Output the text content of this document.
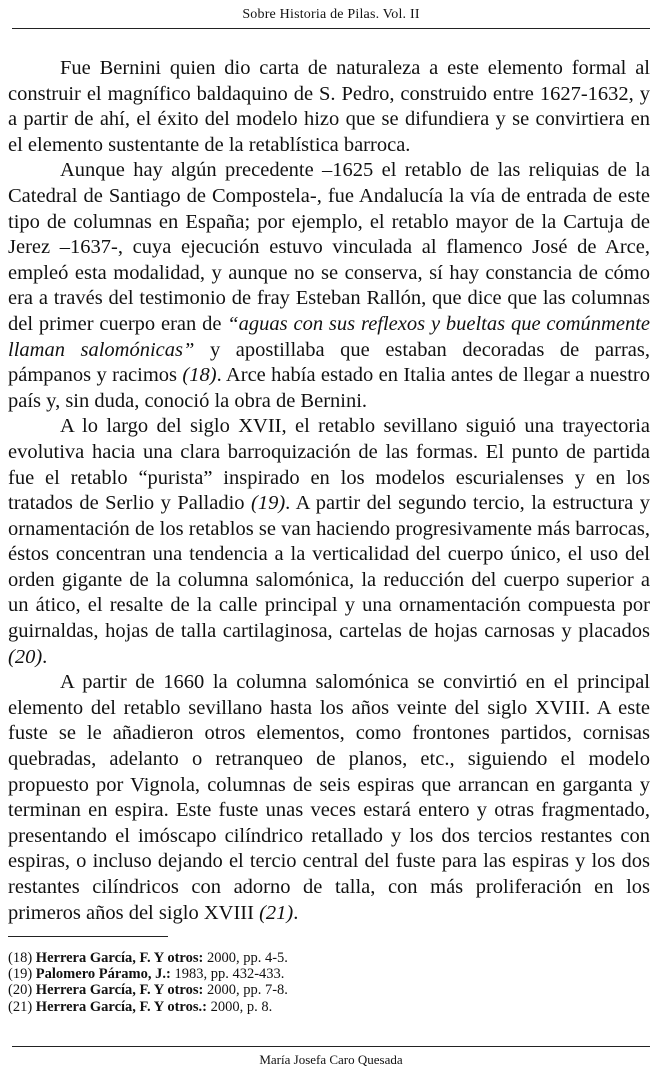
Sobre Historia de Pilas. Vol. II

Fue Bernini quien dio carta de naturaleza a este elemento formal al construir el magnífico baldaquino de S. Pedro, construido entre 1627-1632, y a partir de ahí, el éxito del modelo hizo que se difundiera y se convirtiera en el elemento sustentante de la retablística barroca.

Aunque hay algún precedente –1625 el retablo de las reliquias de la Catedral de Santiago de Compostela-, fue Andalucía la vía de entrada de este tipo de columnas en España; por ejemplo, el retablo mayor de la Cartuja de Jerez –1637-, cuya ejecución estuvo vinculada al flamenco José de Arce, empleó esta modalidad, y aunque no se conserva, sí hay constancia de cómo era a través del testimonio de fray Esteban Rallón, que dice que las columnas del primer cuerpo eran de “aguas con sus reflexos y bueltas que comúnmente llaman salomónicas” y apostillaba que estaban decoradas de parras, pámpanos y racimos (18). Arce había estado en Italia antes de llegar a nuestro país y, sin duda, conoció la obra de Bernini.

A lo largo del siglo XVII, el retablo sevillano siguió una trayectoria evolutiva hacia una clara barroquización de las formas. El punto de partida fue el retablo “purista” inspirado en los modelos escurialenses y en los tratados de Serlio y Palladio (19). A partir del segundo tercio, la estructura y ornamentación de los retablos se van haciendo progresivamente más barrocas, éstos concentran una tendencia a la verticalidad del cuerpo único, el uso del orden gigante de la columna salomónica, la reducción del cuerpo superior a un ático, el resalte de la calle principal y una ornamentación compuesta por guirnaldas, hojas de talla cartilaginosa, cartelas de hojas carnosas y placados (20).

A partir de 1660 la columna salomónica se convirtió en el principal elemento del retablo sevillano hasta los años veinte del siglo XVIII. A este fuste se le añadieron otros elementos, como frontones partidos, cornisas quebradas, adelanto o retranqueo de planos, etc., siguiendo el modelo propuesto por Vignola, columnas de seis espiras que arrancan en garganta y terminan en espira. Este fuste unas veces estará entero y otras fragmentado, presentando el imóscapo cilíndrico retallado y los dos tercios restantes con espiras, o incluso dejando el tercio central del fuste para las espiras y los dos restantes cilíndricos con adorno de talla, con más proliferación en los primeros años del siglo XVIII (21).

(18) Herrera García, F. Y otros: 2000, pp. 4-5.
(19) Palomero Páramo, J.: 1983, pp. 432-433.
(20) Herrera García, F. Y otros: 2000, pp. 7-8.
(21) Herrera García, F. Y otros.: 2000, p. 8.
María Josefa Caro Quesada
